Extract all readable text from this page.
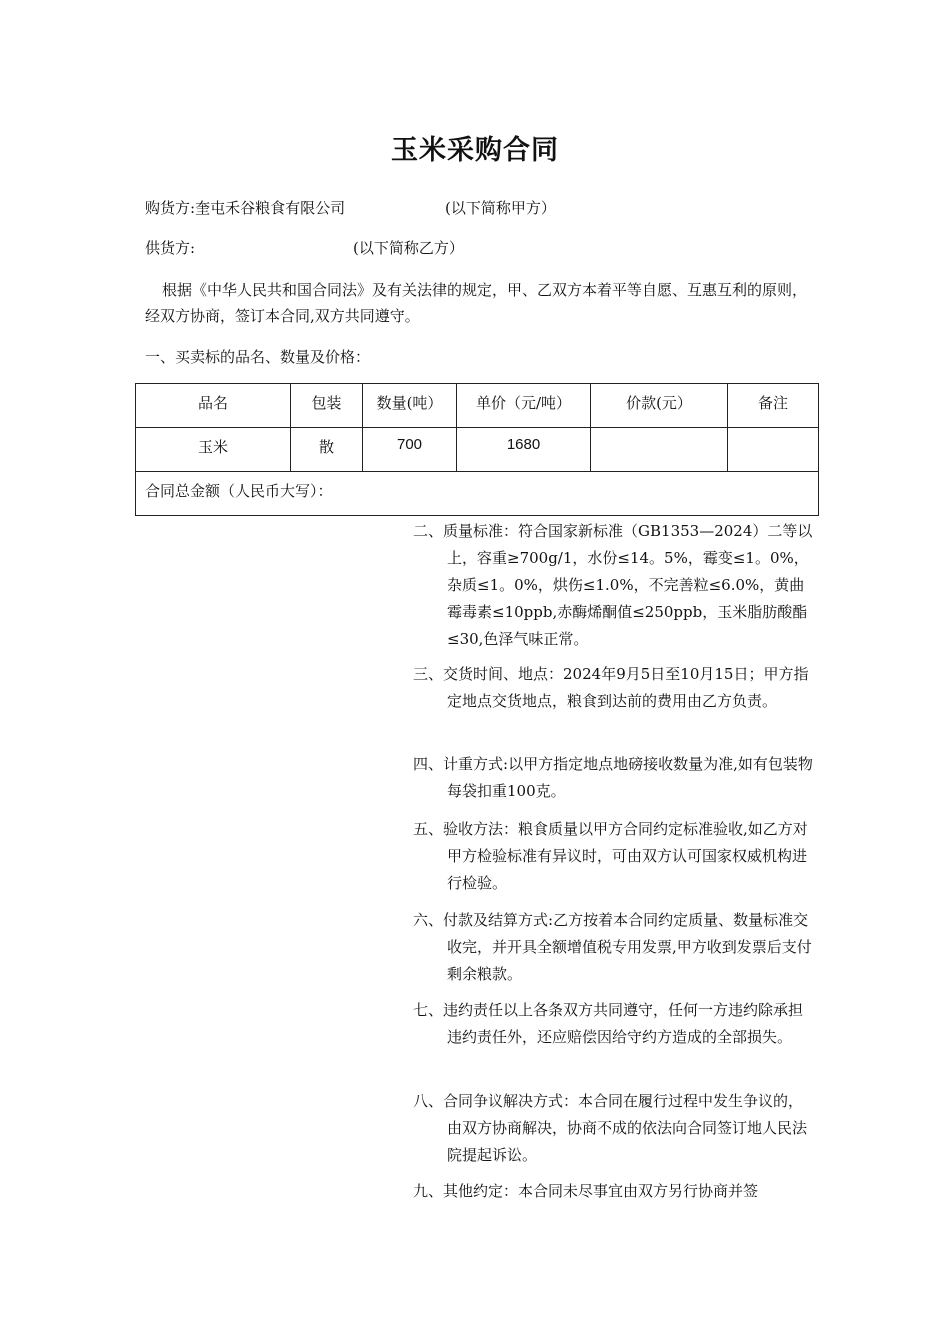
玉米采购合同
购货方:奎屯禾谷粮食有限公司	(以下简称甲方）
供货方:	(以下简称乙方）
根据《中华人民共和国合同法》及有关法律的规定，甲、乙双方本着平等自愿、互惠互利的原则，经双方协商，签订本合同,双方共同遵守。
一、买卖标的品名、数量及价格：
品名	包装	数量(吨）	单价（元/吨）	价款(元）	备注
玉米	散	700	1680		
合同总金额（人民币大写）：					
二、质量标准：符合国家新标准（GB1353—2024）二等以上，容重≥700g/1，水份≤14。5%，霉变≤1。0%，杂质≤1。0%，烘伤≤1.0%，不完善粒≤6.0%，黄曲霉毒素≤10ppb,赤酶烯酮值≤250ppb，玉米脂肪酸酯≤30,色泽气味正常。
三、交货时间、地点：2024年9月5日至10月15日；甲方指定地点交货地点，粮食到达前的费用由乙方负责。
四、计重方式:以甲方指定地点地磅接收数量为准,如有包装物每袋扣重100克。
五、验收方法：粮食质量以甲方合同约定标准验收,如乙方对甲方检验标准有异议时，可由双方认可国家权威机构进行检验。
六、付款及结算方式:乙方按着本合同约定质量、数量标准交收完，并开具全额增值税专用发票,甲方收到发票后支付剩余粮款。
七、违约责任以上各条双方共同遵守，任何一方违约除承担违约责任外，还应赔偿因给守约方造成的全部损失。
八、合同争议解决方式：本合同在履行过程中发生争议的，由双方协商解决，协商不成的依法向合同签订地人民法院提起诉讼。
九、其他约定：本合同未尽事宜由双方另行协商并签
